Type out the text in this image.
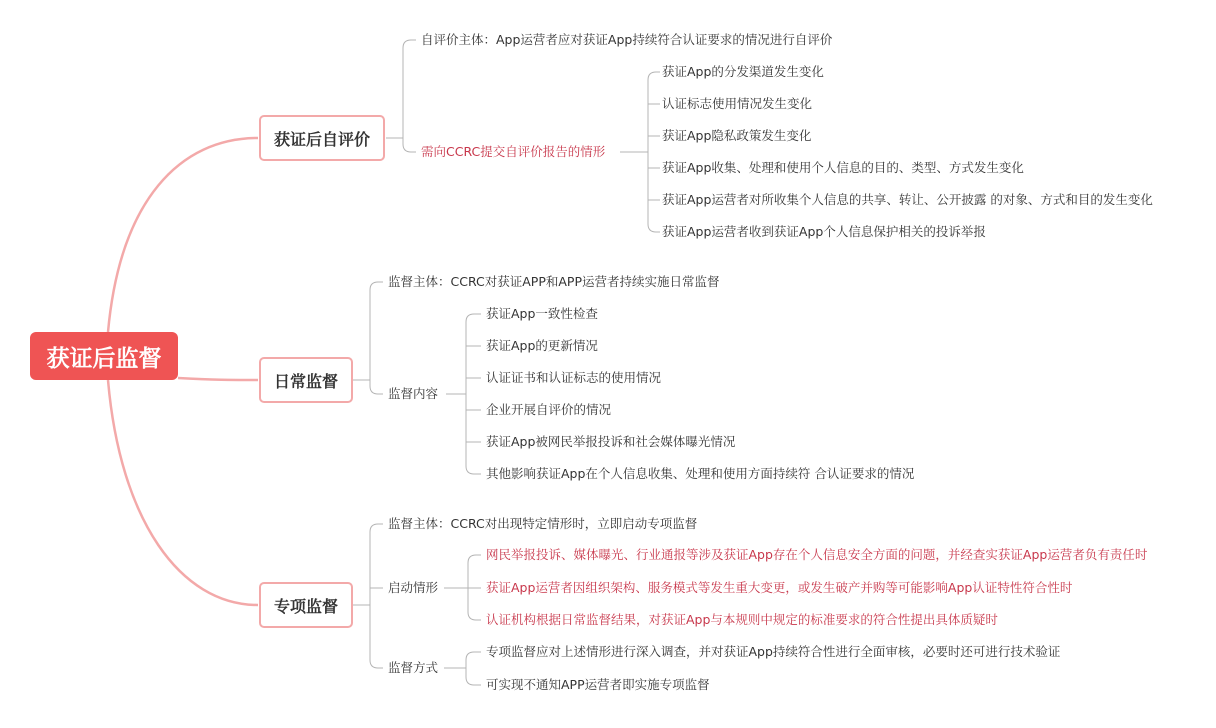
获证后监督
获证后自评价
日常监督
专项监督
自评价主体：App运营者应对获证App持续符合认证要求的情况进行自评价
需向CCRC提交自评价报告的情形
获证App的分发渠道发生变化
认证标志使用情况发生变化
获证App隐私政策发生变化
获证App收集、处理和使用个人信息的目的、类型、方式发生变化
获证App运营者对所收集个人信息的共享、转让、公开披露 的对象、方式和目的发生变化
获证App运营者收到获证App个人信息保护相关的投诉举报
监督主体：CCRC对获证APP和APP运营者持续实施日常监督
监督内容
获证App一致性检查
获证App的更新情况
认证证书和认证标志的使用情况
企业开展自评价的情况
获证App被网民举报投诉和社会媒体曝光情况
其他影响获证App在个人信息收集、处理和使用方面持续符 合认证要求的情况
监督主体：CCRC对出现特定情形时，立即启动专项监督
启动情形
网民举报投诉、媒体曝光、行业通报等涉及获证App存在个人信息安全方面的问题，并经查实获证App运营者负有责任时
获证App运营者因组织架构、服务模式等发生重大变更，或发生破产并购等可能影响App认证特性符合性时
认证机构根据日常监督结果，对获证App与本规则中规定的标准要求的符合性提出具体质疑时
监督方式
专项监督应对上述情形进行深入调查，并对获证App持续符合性进行全面审核，必要时还可进行技术验证
可实现不通知APP运营者即实施专项监督
